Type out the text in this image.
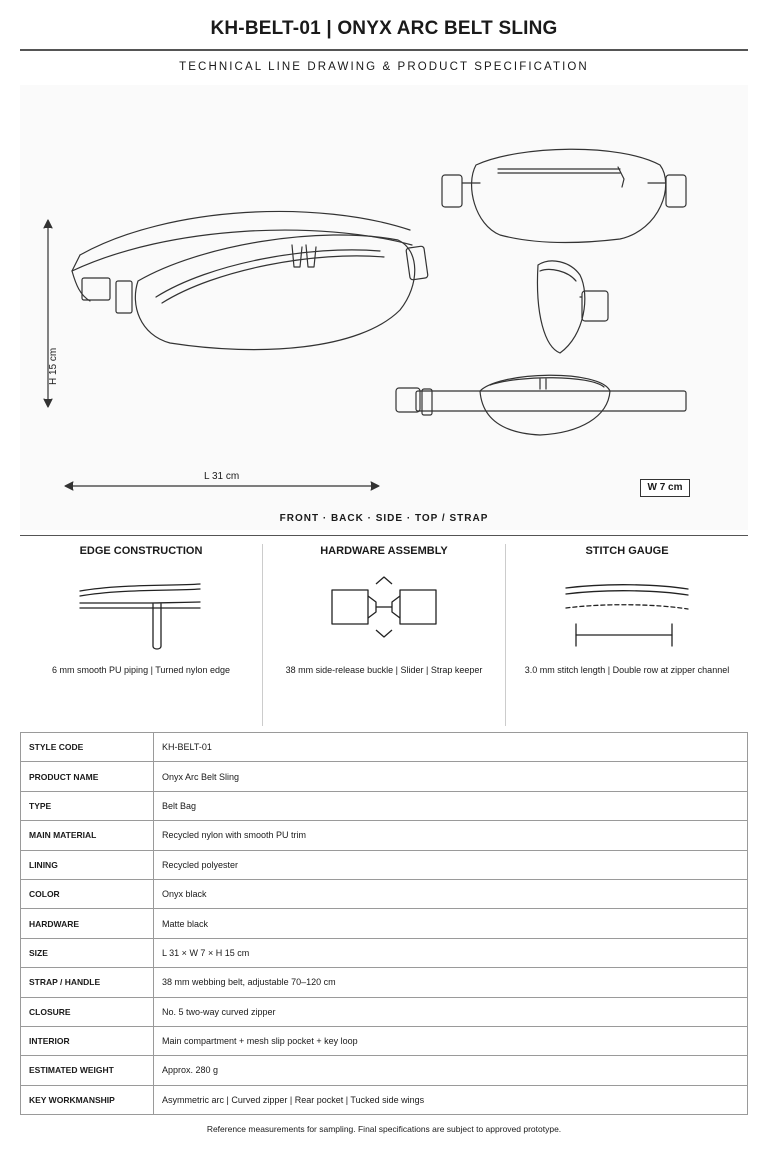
KH-BELT-01 | ONYX ARC BELT SLING
TECHNICAL LINE DRAWING & PRODUCT SPECIFICATION
H 15 cm
L 31 cm
W 7 cm
FRONT · BACK · SIDE · TOP / STRAP
EDGE CONSTRUCTION

6 mm smooth PU piping | Turned nylon edge

HARDWARE ASSEMBLY

38 mm side-release buckle | Slider | Strap keeper

STITCH GAUGE

3.0 mm stitch length | Double row at zipper channel

STYLE CODE	KH-BELT-01
PRODUCT NAME	Onyx Arc Belt Sling
TYPE	Belt Bag
MAIN MATERIAL	Recycled nylon with smooth PU trim
LINING	Recycled polyester
COLOR	Onyx black
HARDWARE	Matte black
SIZE	L 31 × W 7 × H 15 cm
STRAP / HANDLE	38 mm webbing belt, adjustable 70–120 cm
CLOSURE	No. 5 two-way curved zipper
INTERIOR	Main compartment + mesh slip pocket + key loop
ESTIMATED WEIGHT	Approx. 280 g
KEY WORKMANSHIP	Asymmetric arc | Curved zipper | Rear pocket | Tucked side wings
Reference measurements for sampling. Final specifications are subject to approved prototype.
